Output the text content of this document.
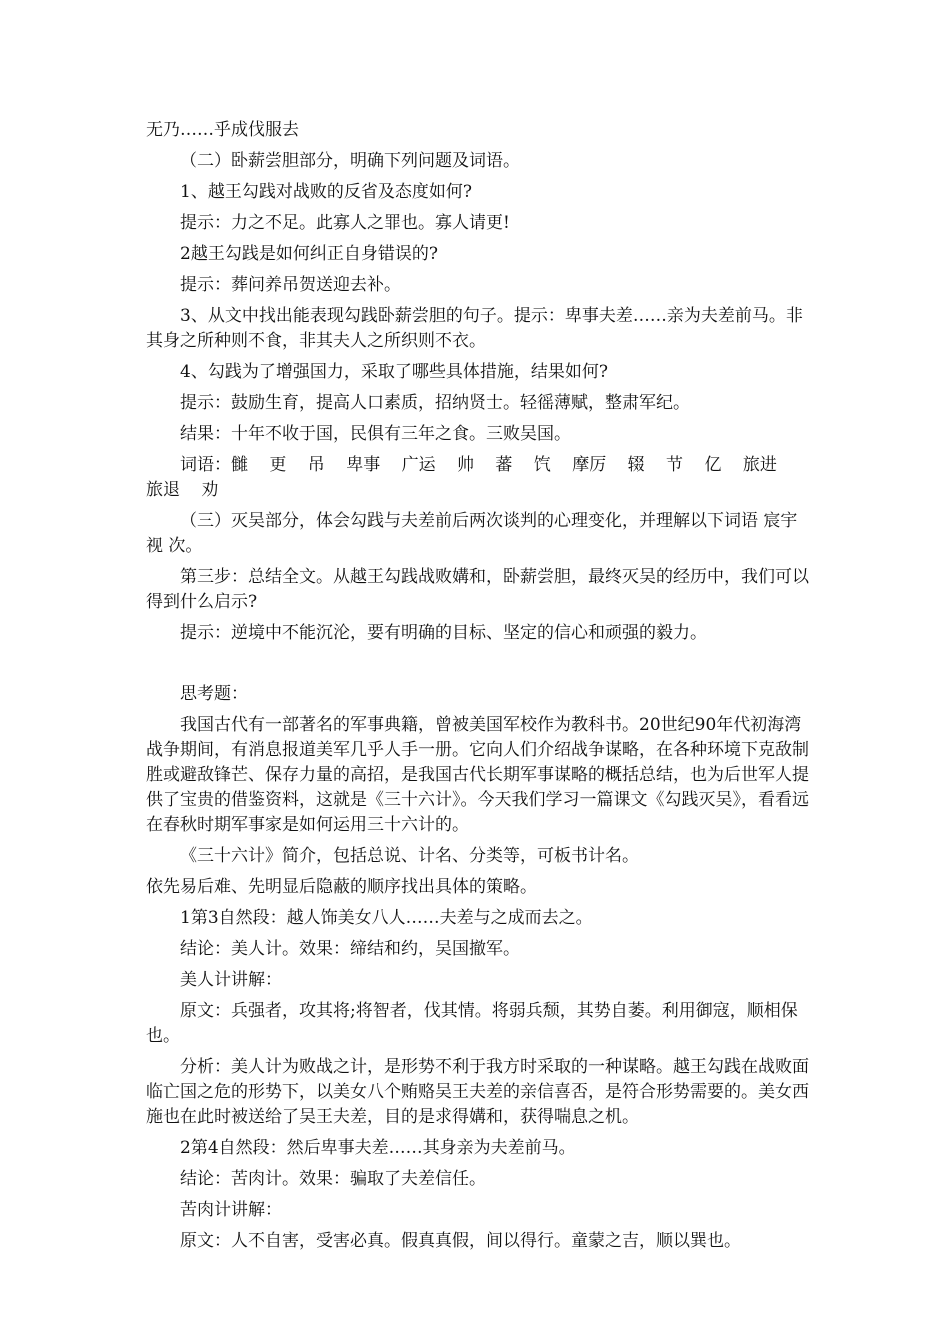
无乃……乎成伐服去

（二）卧薪尝胆部分，明确下列问题及词语。

1、越王勾践对战败的反省及态度如何?

提示：力之不足。此寡人之罪也。寡人请更!

2越王勾践是如何纠正自身错误的?

提示：葬问养吊贺送迎去补。

3、从文中找出能表现勾践卧薪尝胆的句子。提示：卑事夫差……亲为夫差前马。非其身之所种则不食，非其夫人之所织则不衣。

4、勾践为了增强国力，采取了哪些具体措施，结果如何?

提示：鼓励生育，提高人口素质，招纳贤士。轻徭薄赋，整肃军纪。

结果：十年不收于国，民俱有三年之食。三败吴国。

词语：雠 更 吊 卑事 广运 帅 蕃 饩 摩厉 辍 节 亿 旅进 旅退 劝

（三）灭吴部分，体会勾践与夫差前后两次谈判的心理变化，并理解以下词语 宸宇 视 次。

第三步：总结全文。从越王勾践战败媾和，卧薪尝胆，最终灭吴的经历中，我们可以得到什么启示?

提示：逆境中不能沉沦，要有明确的目标、坚定的信心和顽强的毅力。

思考题：

我国古代有一部著名的军事典籍，曾被美国军校作为教科书。20世纪90年代初海湾战争期间，有消息报道美军几乎人手一册。它向人们介绍战争谋略，在各种环境下克敌制胜或避敌锋芒、保存力量的高招，是我国古代长期军事谋略的概括总结，也为后世军人提供了宝贵的借鉴资料，这就是《三十六计》。今天我们学习一篇课文《勾践灭吴》，看看远在春秋时期军事家是如何运用三十六计的。

《三十六计》简介，包括总说、计名、分类等，可板书计名。

依先易后难、先明显后隐蔽的顺序找出具体的策略。

1第3自然段：越人饰美女八人……夫差与之成而去之。

结论：美人计。效果：缔结和约，吴国撤军。

美人计讲解：

原文：兵强者，攻其将;将智者，伐其情。将弱兵颓，其势自萎。利用御寇，顺相保也。

分析：美人计为败战之计，是形势不利于我方时采取的一种谋略。越王勾践在战败面临亡国之危的形势下，以美女八个贿赂吴王夫差的亲信喜否，是符合形势需要的。美女西施也在此时被送给了吴王夫差，目的是求得媾和，获得喘息之机。

2第4自然段：然后卑事夫差……其身亲为夫差前马。

结论：苦肉计。效果：骗取了夫差信任。

苦肉计讲解：

原文：人不自害，受害必真。假真真假，间以得行。童蒙之吉，顺以巽也。
